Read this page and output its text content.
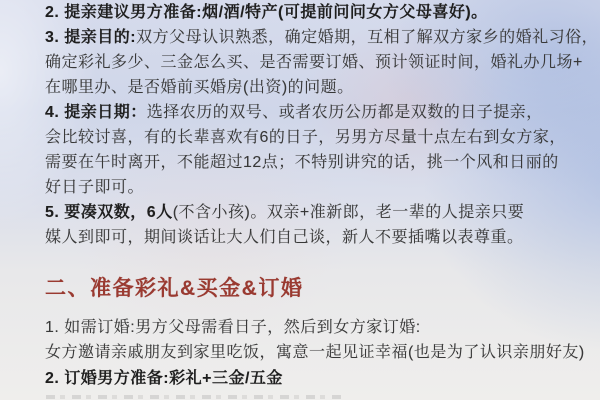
2. 提亲建议男方准备:烟/酒/特产(可提前问问女方父母喜好)。
3. 提亲目的:双方父母认识熟悉，确定婚期，互相了解双方家乡的婚礼习俗，
确定彩礼多少、三金怎么买、是否需要订婚、预计领证时间，婚礼办几场+
在哪里办、是否婚前买婚房(出资)的问题。
4. 提亲日期：选择农历的双号、或者农历公历都是双数的日子提亲，
会比较讨喜，有的长辈喜欢有6的日子，另男方尽量十点左右到女方家，
需要在午时离开，不能超过12点；不特别讲究的话，挑一个风和日丽的
好日子即可。
5. 要凑双数，6人(不含小孩)。双亲+准新郎，老一辈的人提亲只要
媒人到即可，期间谈话让大人们自己谈，新人不要插嘴以表尊重。
二、准备彩礼&买金&订婚
1. 如需订婚:男方父母需看日子，然后到女方家订婚:
女方邀请亲戚朋友到家里吃饭，寓意一起见证幸福(也是为了认识亲朋好友)
2. 订婚男方准备:彩礼+三金/五金
